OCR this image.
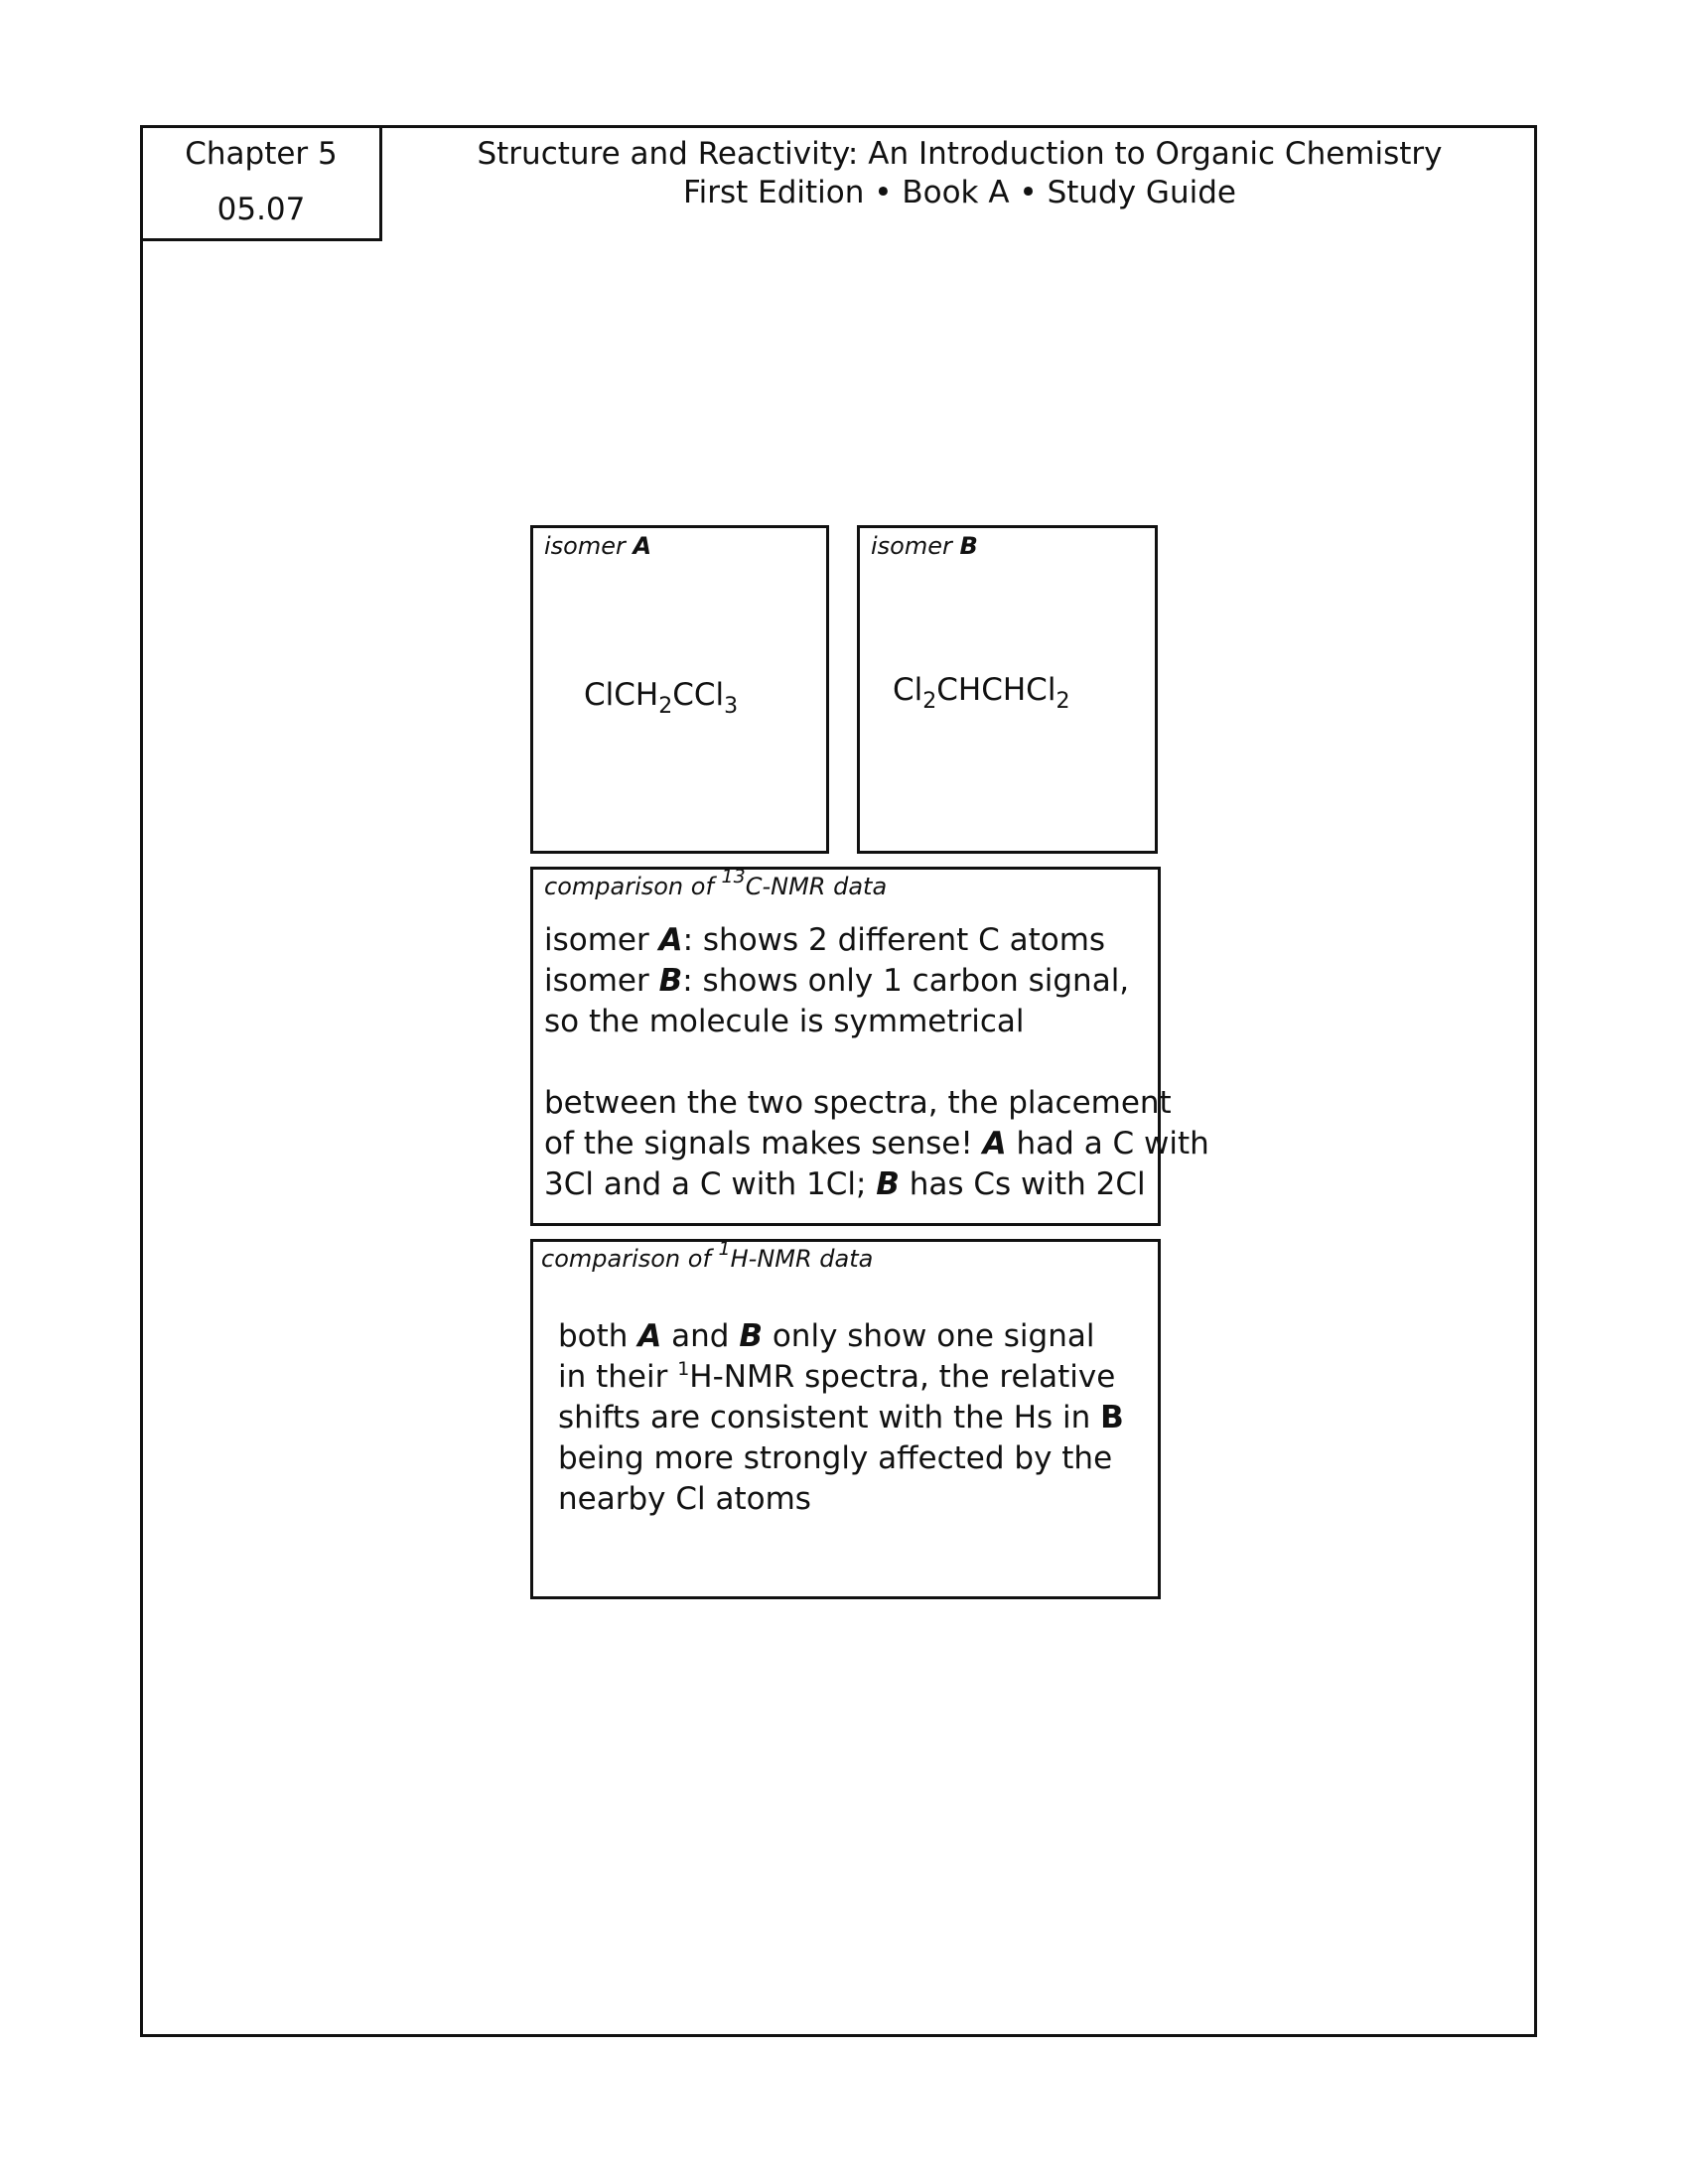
Chapter 5
05.07
Structure and Reactivity: An Introduction to Organic Chemistry
First Edition • Book A • Study Guide
isomer A
ClCH$_2$CCl$_3$
isomer B
$Cl_2CHCHCl_2$
comparison of $^{13}$C-NMR data
isomer A: shows 2 different C atoms
isomer B: shows only 1 carbon signal,
so the molecule is symmetrical
between the two spectra, the placement
of the signals makes sense! A had a C with
3Cl and a C with 1Cl; B has Cs with 2Cl
comparison of $^1$H-NMR data
both A and B only show one signal
in their $^1$H-NMR spectra, the relative
shifts are consistent with the Hs in B
being more strongly affected by the
nearby Cl atoms
